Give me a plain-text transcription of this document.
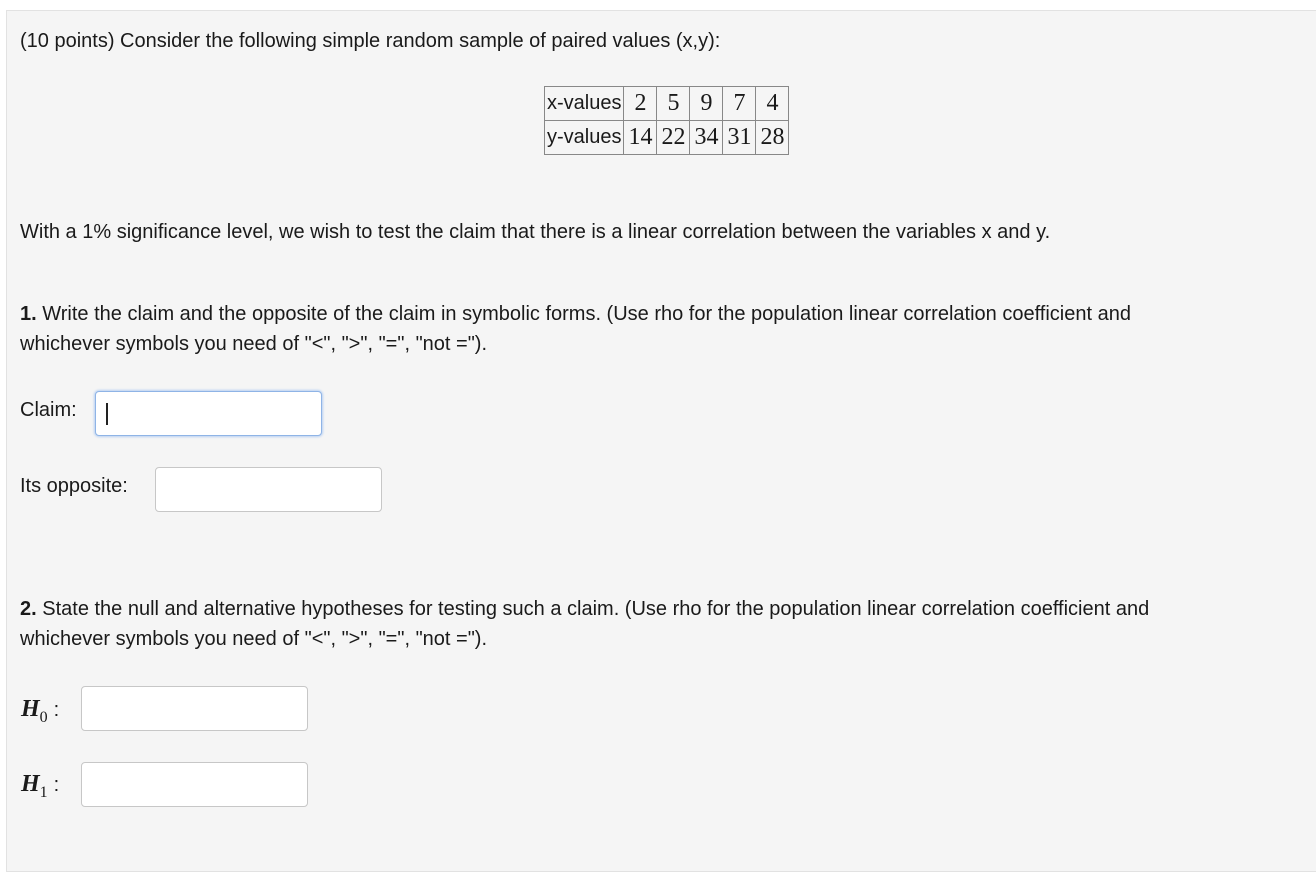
(10 points) Consider the following simple random sample of paired values (x,y):
x-values	2	5	9	7	4
y-values	14	22	34	31	28
With a 1% significance level, we wish to test the claim that there is a linear correlation between the variables x and y.
1. Write the claim and the opposite of the claim in symbolic forms. (Use rho for the population linear correlation coefficient and
whichever symbols you need of "<", ">", "=", "not =").
Claim:
Its opposite:
2. State the null and alternative hypotheses for testing such a claim. (Use rho for the population linear correlation coefficient and
whichever symbols you need of "<", ">", "=", "not =").
$H_0$ :
$H_1$ :
